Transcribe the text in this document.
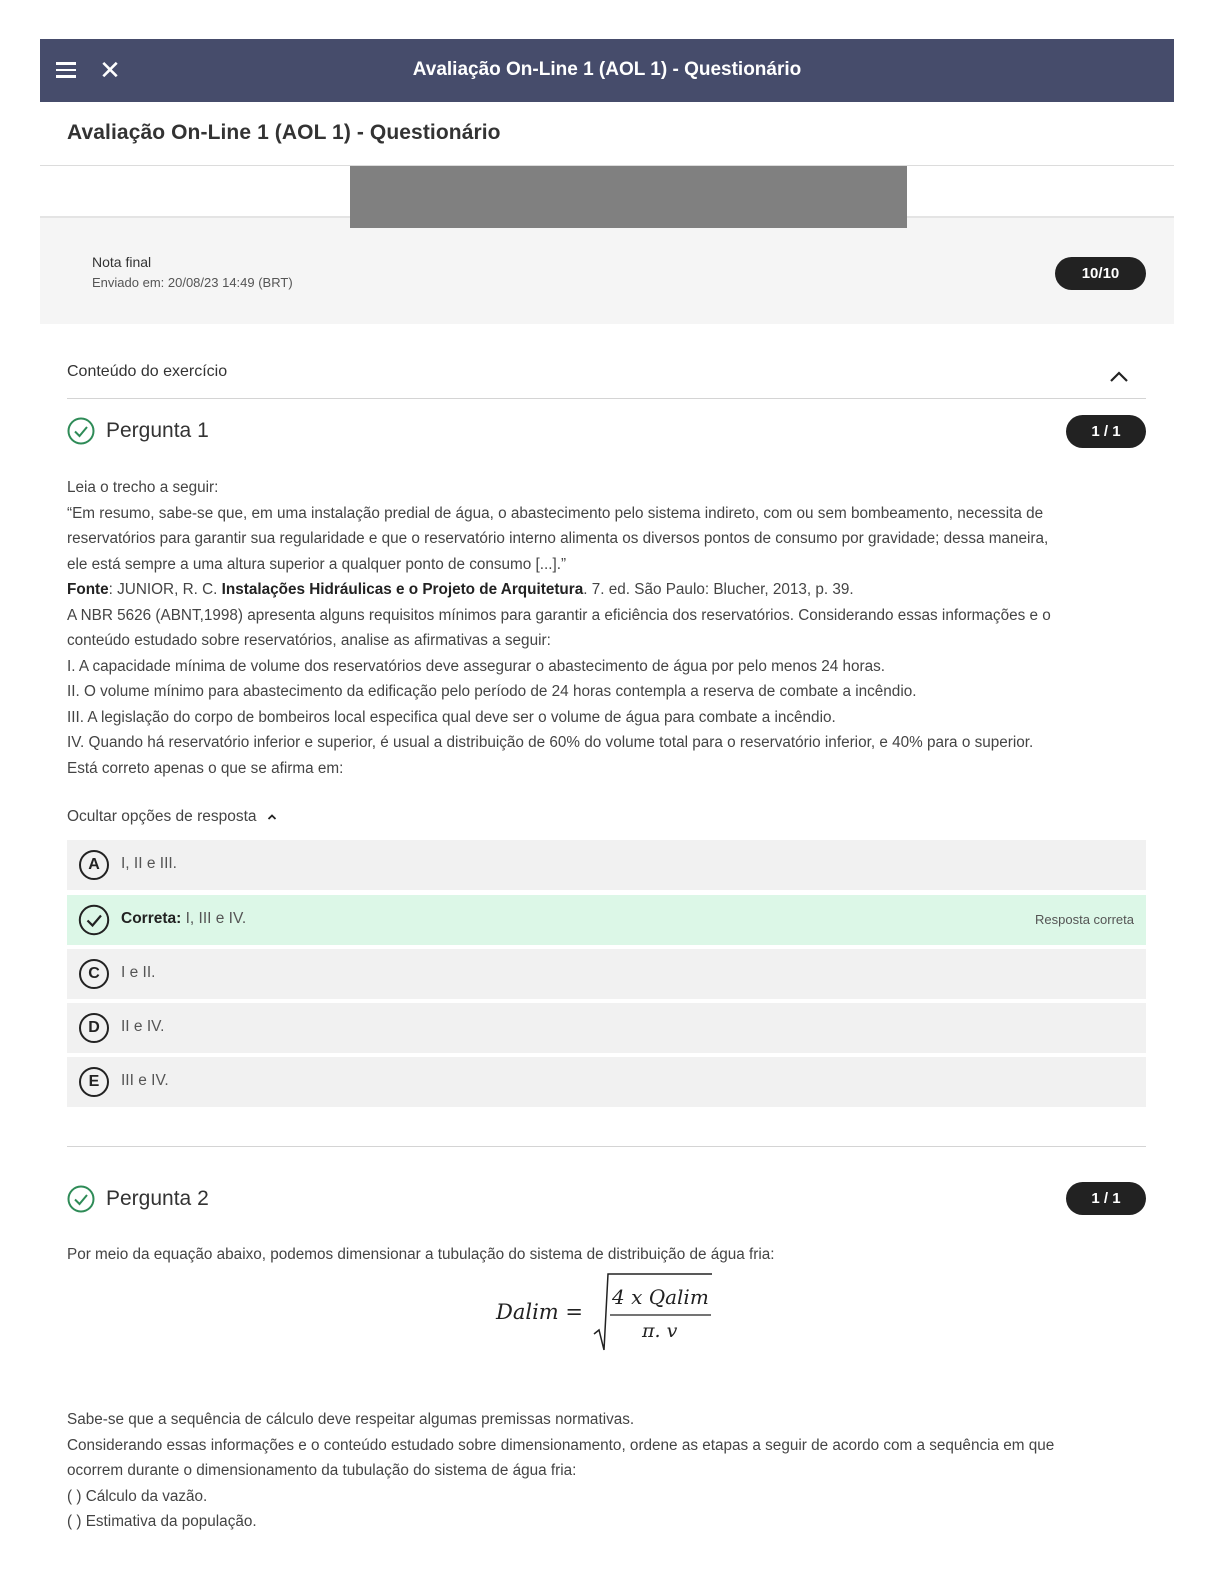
✕	Avaliação On-Line 1 (AOL 1) - Questionário
Avaliação On-Line 1 (AOL 1) - Questionário
Nota final
Enviado em: 20/08/23 14:49 (BRT)
10/10
Conteúdo do exercício
Pergunta 1	1 / 1

Leia o trecho a seguir:

“Em resumo, sabe-se que, em uma instalação predial de água, o abastecimento pelo sistema indireto, com ou sem bombeamento, necessita de

reservatórios para garantir sua regularidade e que o reservatório interno alimenta os diversos pontos de consumo por gravidade; dessa maneira,

ele está sempre a uma altura superior a qualquer ponto de consumo [...].”

Fonte: JUNIOR, R. C. Instalações Hidráulicas e o Projeto de Arquitetura. 7. ed. São Paulo: Blucher, 2013, p. 39.

A NBR 5626 (ABNT,1998) apresenta alguns requisitos mínimos para garantir a eficiência dos reservatórios. Considerando essas informações e o

conteúdo estudado sobre reservatórios, analise as afirmativas a seguir:

I. A capacidade mínima de volume dos reservatórios deve assegurar o abastecimento de água por pelo menos 24 horas.

II. O volume mínimo para abastecimento da edificação pelo período de 24 horas contempla a reserva de combate a incêndio.

III. A legislação do corpo de bombeiros local especifica qual deve ser o volume de água para combate a incêndio.

IV. Quando há reservatório inferior e superior, é usual a distribuição de 60% do volume total para o reservatório inferior, e 40% para o superior.

Está correto apenas o que se afirma em:

Ocultar opções de resposta
A	I, II e III.
Correta: I, III e IV.	Resposta correta
C	I e II.
D	II e IV.
E	III e IV.
Pergunta 2	1 / 1
Por meio da equação abaixo, podemos dimensionar a tubulação do sistema de distribuição de água fria:
Dalim =
4 x Qalim
π. v

Sabe-se que a sequência de cálculo deve respeitar algumas premissas normativas.

Considerando essas informações e o conteúdo estudado sobre dimensionamento, ordene as etapas a seguir de acordo com a sequência em que

ocorrem durante o dimensionamento da tubulação do sistema de água fria:

( ) Cálculo da vazão.

( ) Estimativa da população.
